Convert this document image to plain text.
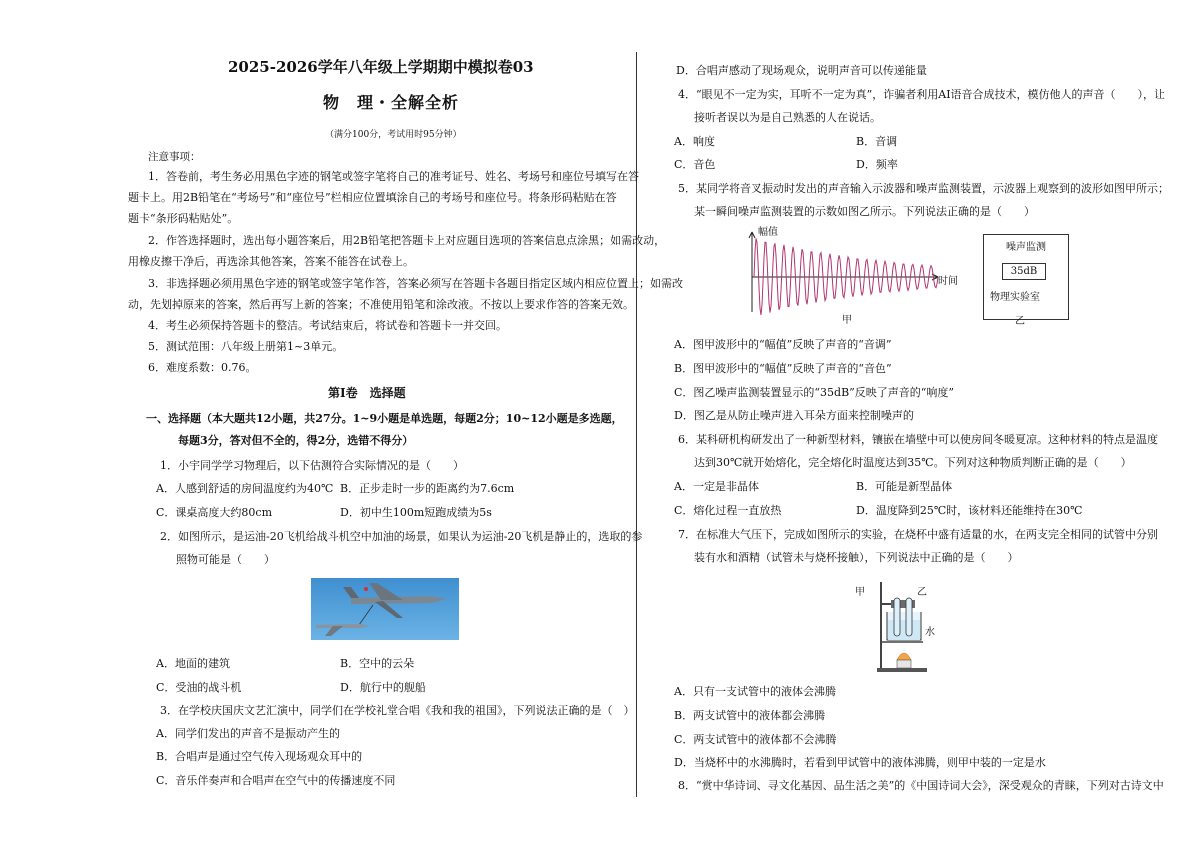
2025-2026学年八年级上学期期中模拟卷03
物　理・全解全析
（满分100分，考试用时95分钟）
注意事项：
1．答卷前，考生务必用黑色字迹的钢笔或签字笔将自己的准考证号、姓名、考场号和座位号填写在答
题卡上。用2B铅笔在“考场号”和“座位号”栏相应位置填涂自己的考场号和座位号。将条形码粘贴在答
题卡“条形码粘贴处”。
2．作答选择题时，选出每小题答案后，用2B铅笔把答题卡上对应题目选项的答案信息点涂黑；如需改动，
用橡皮擦干净后，再选涂其他答案，答案不能答在试卷上。
3．非选择题必须用黑色字迹的钢笔或签字笔作答，答案必须写在答题卡各题目指定区域内相应位置上；如需改
动，先划掉原来的答案，然后再写上新的答案；不准使用铅笔和涂改液。不按以上要求作答的答案无效。
4．考生必须保持答题卡的整洁。考试结束后，将试卷和答题卡一并交回。
5．测试范围：八年级上册第1~3单元。
6．难度系数：0.76。
第Ⅰ卷　选择题
一、选择题（本大题共12小题，共27分。1~9小题是单选题，每题2分；10~12小题是多选题，
每题3分，答对但不全的，得2分，选错不得分）
1．小宇同学学习物理后，以下估测符合实际情况的是（　　）
A．人感到舒适的房间温度约为40℃ B．正步走时一步的距离约为7.6cm
C．课桌高度大约80cm	D．初中生100m短跑成绩为5s
2．如图所示，是运油-20飞机给战斗机空中加油的场景，如果认为运油-20飞机是静止的，选取的参
照物可能是（　　）
A．地面的建筑	B．空中的云朵
C．受油的战斗机	D．航行中的舰船
3．在学校庆国庆文艺汇演中，同学们在学校礼堂合唱《我和我的祖国》，下列说法正确的是（　）
A．同学们发出的声音不是振动产生的
B．合唱声是通过空气传入现场观众耳中的
C．音乐伴奏声和合唱声在空气中的传播速度不同
D．合唱声感动了现场观众，说明声音可以传递能量
4．“眼见不一定为实，耳听不一定为真”，诈骗者利用AI语音合成技术，模仿他人的声音（　　），让
接听者误以为是自己熟悉的人在说话。
A．响度	B．音调
C．音色	D．频率
5．某同学将音叉振动时发出的声音输入示波器和噪声监测装置，示波器上观察到的波形如图甲所示；
某一瞬间噪声监测装置的示数如图乙所示。下列说法正确的是（　　）
幅值
时间
甲
噪声监测
35dB
物理实验室
乙
A．图甲波形中的“幅值”反映了声音的“音调”
B．图甲波形中的“幅值”反映了声音的“音色”
C．图乙噪声监测装置显示的“35dB”反映了声音的“响度”
D．图乙是从防止噪声进入耳朵方面来控制噪声的
6．某科研机构研发出了一种新型材料，镶嵌在墙壁中可以使房间冬暖夏凉。这种材料的特点是温度
达到30℃就开始熔化，完全熔化时温度达到35℃。下列对这种物质判断正确的是（　　）
A．一定是非晶体	B．可能是新型晶体
C．熔化过程一直放热	D．温度降到25℃时，该材料还能维持在30℃
7．在标准大气压下，完成如图所示的实验，在烧杯中盛有适量的水，在两支完全相同的试管中分别
装有水和酒精（试管未与烧杯接触），下列说法中正确的是（　　）
甲	乙
水
A．只有一支试管中的液体会沸腾
B．两支试管中的液体都会沸腾
C．两支试管中的液体都不会沸腾
D．当烧杯中的水沸腾时，若看到甲试管中的液体沸腾，则甲中装的一定是水
8．“赏中华诗词、寻文化基因、品生活之美”的《中国诗词大会》，深受观众的青睐，下列对古诗文中
